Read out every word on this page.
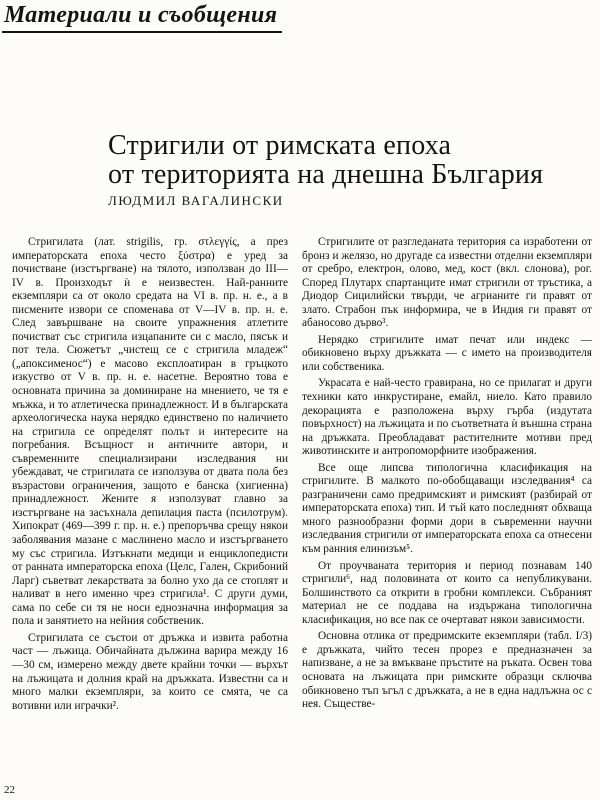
Материали и съобщения
Стригили от римската епоха
от територията на днешна България
ЛЮДМИЛ ВАГАЛИНСКИ

Стригилата (лат. strigilis, гр. στλεγγίς, а през императорската епоха често ξύστρα) е уред за почистване (изстъргване) на тялото, използван до III—IV в. Произходът ѝ е неизвестен. Най-ранните екземпляри са от около средата на VI в. пр. н. е., а в писмените извори се споменава от V—IV в. пр. н. е. След завършване на своите упражнения атлетите почистват със стригила изцапаните си с масло, пясък и пот тела. Сюжетът „чистещ се с стригила младеж“ („апоксименос“) е масово експлоатиран в гръцкото изкуство от V в. пр. н. е. насетне. Вероятно това е основната причина за доминиране на мнението, че тя е мъжка, и то атлетическа принадлежност. И в българската археологическа наука нерядко единствено по наличието на стригила се определят полът и интересите на погребания. Всъщност и античните автори, и съвременните специализирани изследвания ни убеждават, че стригилата се използува от двата пола без възрастови ограничения, защото е банска (хигиенна) принадлежност. Жените я използуват главно за изстъргване на засъхнала депилация паста (псилотрум). Хипократ (469—399 г. пр. н. е.) препоръчва срещу някои заболявания мазане с маслинено масло и изстъргването му със стригила. Изтъкнати медици и енциклопедисти от ранната императорска епоха (Целс, Гален, Скрибоний Ларг) съветват лекарствата за болно ухо да се стоплят и наливат в него именно чрез стригила¹. С други думи, сама по себе си тя не носи еднозначна информация за пола и занятието на нейния собственик.

Стригилата се състои от дръжка и извита работна част — лъжица. Обичайната дължина варира между 16—30 см, измерено между двете крайни точки — върхът на лъжицата и долния край на дръжката. Известни са и много малки екземпляри, за които се смята, че са вотивни или играчки².

Стригилите от разгледаната територия са изработени от бронз и желязо, но другаде са известни отделни екземпляри от сребро, електрон, олово, мед, кост (вкл. слонова), рог. Според Плутарх спартанците имат стригили от тръстика, а Диодор Сицилийски твърди, че агрианите ги правят от злато. Страбон пък информира, че в Индия ги правят от абаносово дърво³.

Нерядко стригилите имат печат или индекс — обикновено върху дръжката — с името на производителя или собственика.

Украсата е най-често гравирана, но се прилагат и други техники като инкрустиране, емайл, ниело. Като правило декорацията е разположена върху гърба (издутата повърхност) на лъжицата и по съответната ѝ външна страна на дръжката. Преобладават растителните мотиви пред животинските и антропоморфните изображения.

Все още липсва типологична класификация на стригилите. В малкото по-обобщаващи изследвания⁴ са разграничени само предримският и римският (разбирай от императорската епоха) тип. И тъй като последният обхваща много разнообразни форми дори в съвременни научни изследвания стригили от императорската епоха са отнесени към ранния елинизъм⁵.

От проучваната територия и период познавам 140 стригили⁶, над половината от които са непубликувани. Болшинството са открити в гробни комплекси. Събраният материал не се поддава на издържана типологична класификация, но все пак се очертават някои зависимости.

Основна отлика от предримските екземпляри (табл. I/3) е дръжката, чийто тесен прорез е предназначен за напизване, а не за вмъкване пръстите на ръката. Освен това основата на лъжицата при римските образци сключва обикновено тъп ъгъл с дръжката, а не в една надлъжна ос с нея. Съществе-

22
